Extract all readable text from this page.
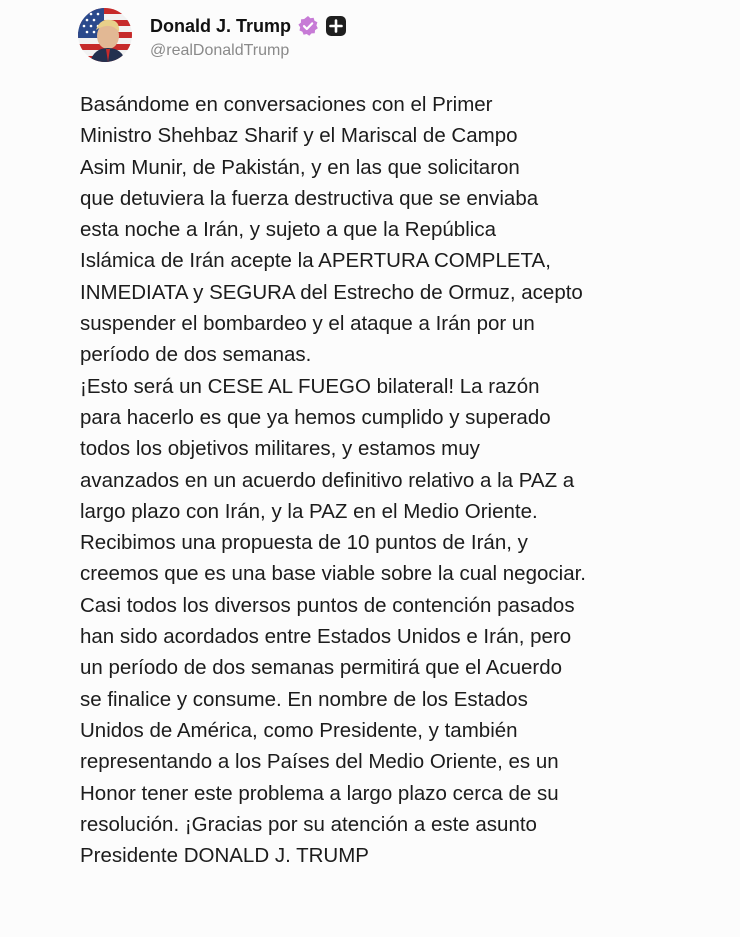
Donald J. Trump
@realDonaldTrump
Basándome en conversaciones con el Primer
Ministro Shehbaz Sharif y el Mariscal de Campo
Asim Munir, de Pakistán, y en las que solicitaron
que detuviera la fuerza destructiva que se enviaba
esta noche a Irán, y sujeto a que la República
Islámica de Irán acepte la APERTURA COMPLETA,
INMEDIATA y SEGURA del Estrecho de Ormuz, acepto
suspender el bombardeo y el ataque a Irán por un
período de dos semanas.
¡Esto será un CESE AL FUEGO bilateral! La razón
para hacerlo es que ya hemos cumplido y superado
todos los objetivos militares, y estamos muy
avanzados en un acuerdo definitivo relativo a la PAZ a
largo plazo con Irán, y la PAZ en el Medio Oriente.
Recibimos una propuesta de 10 puntos de Irán, y
creemos que es una base viable sobre la cual negociar.
Casi todos los diversos puntos de contención pasados
han sido acordados entre Estados Unidos e Irán, pero
un período de dos semanas permitirá que el Acuerdo
se finalice y consume. En nombre de los Estados
Unidos de América, como Presidente, y también
representando a los Países del Medio Oriente, es un
Honor tener este problema a largo plazo cerca de su
resolución. ¡Gracias por su atención a este asunto
Presidente DONALD J. TRUMP
